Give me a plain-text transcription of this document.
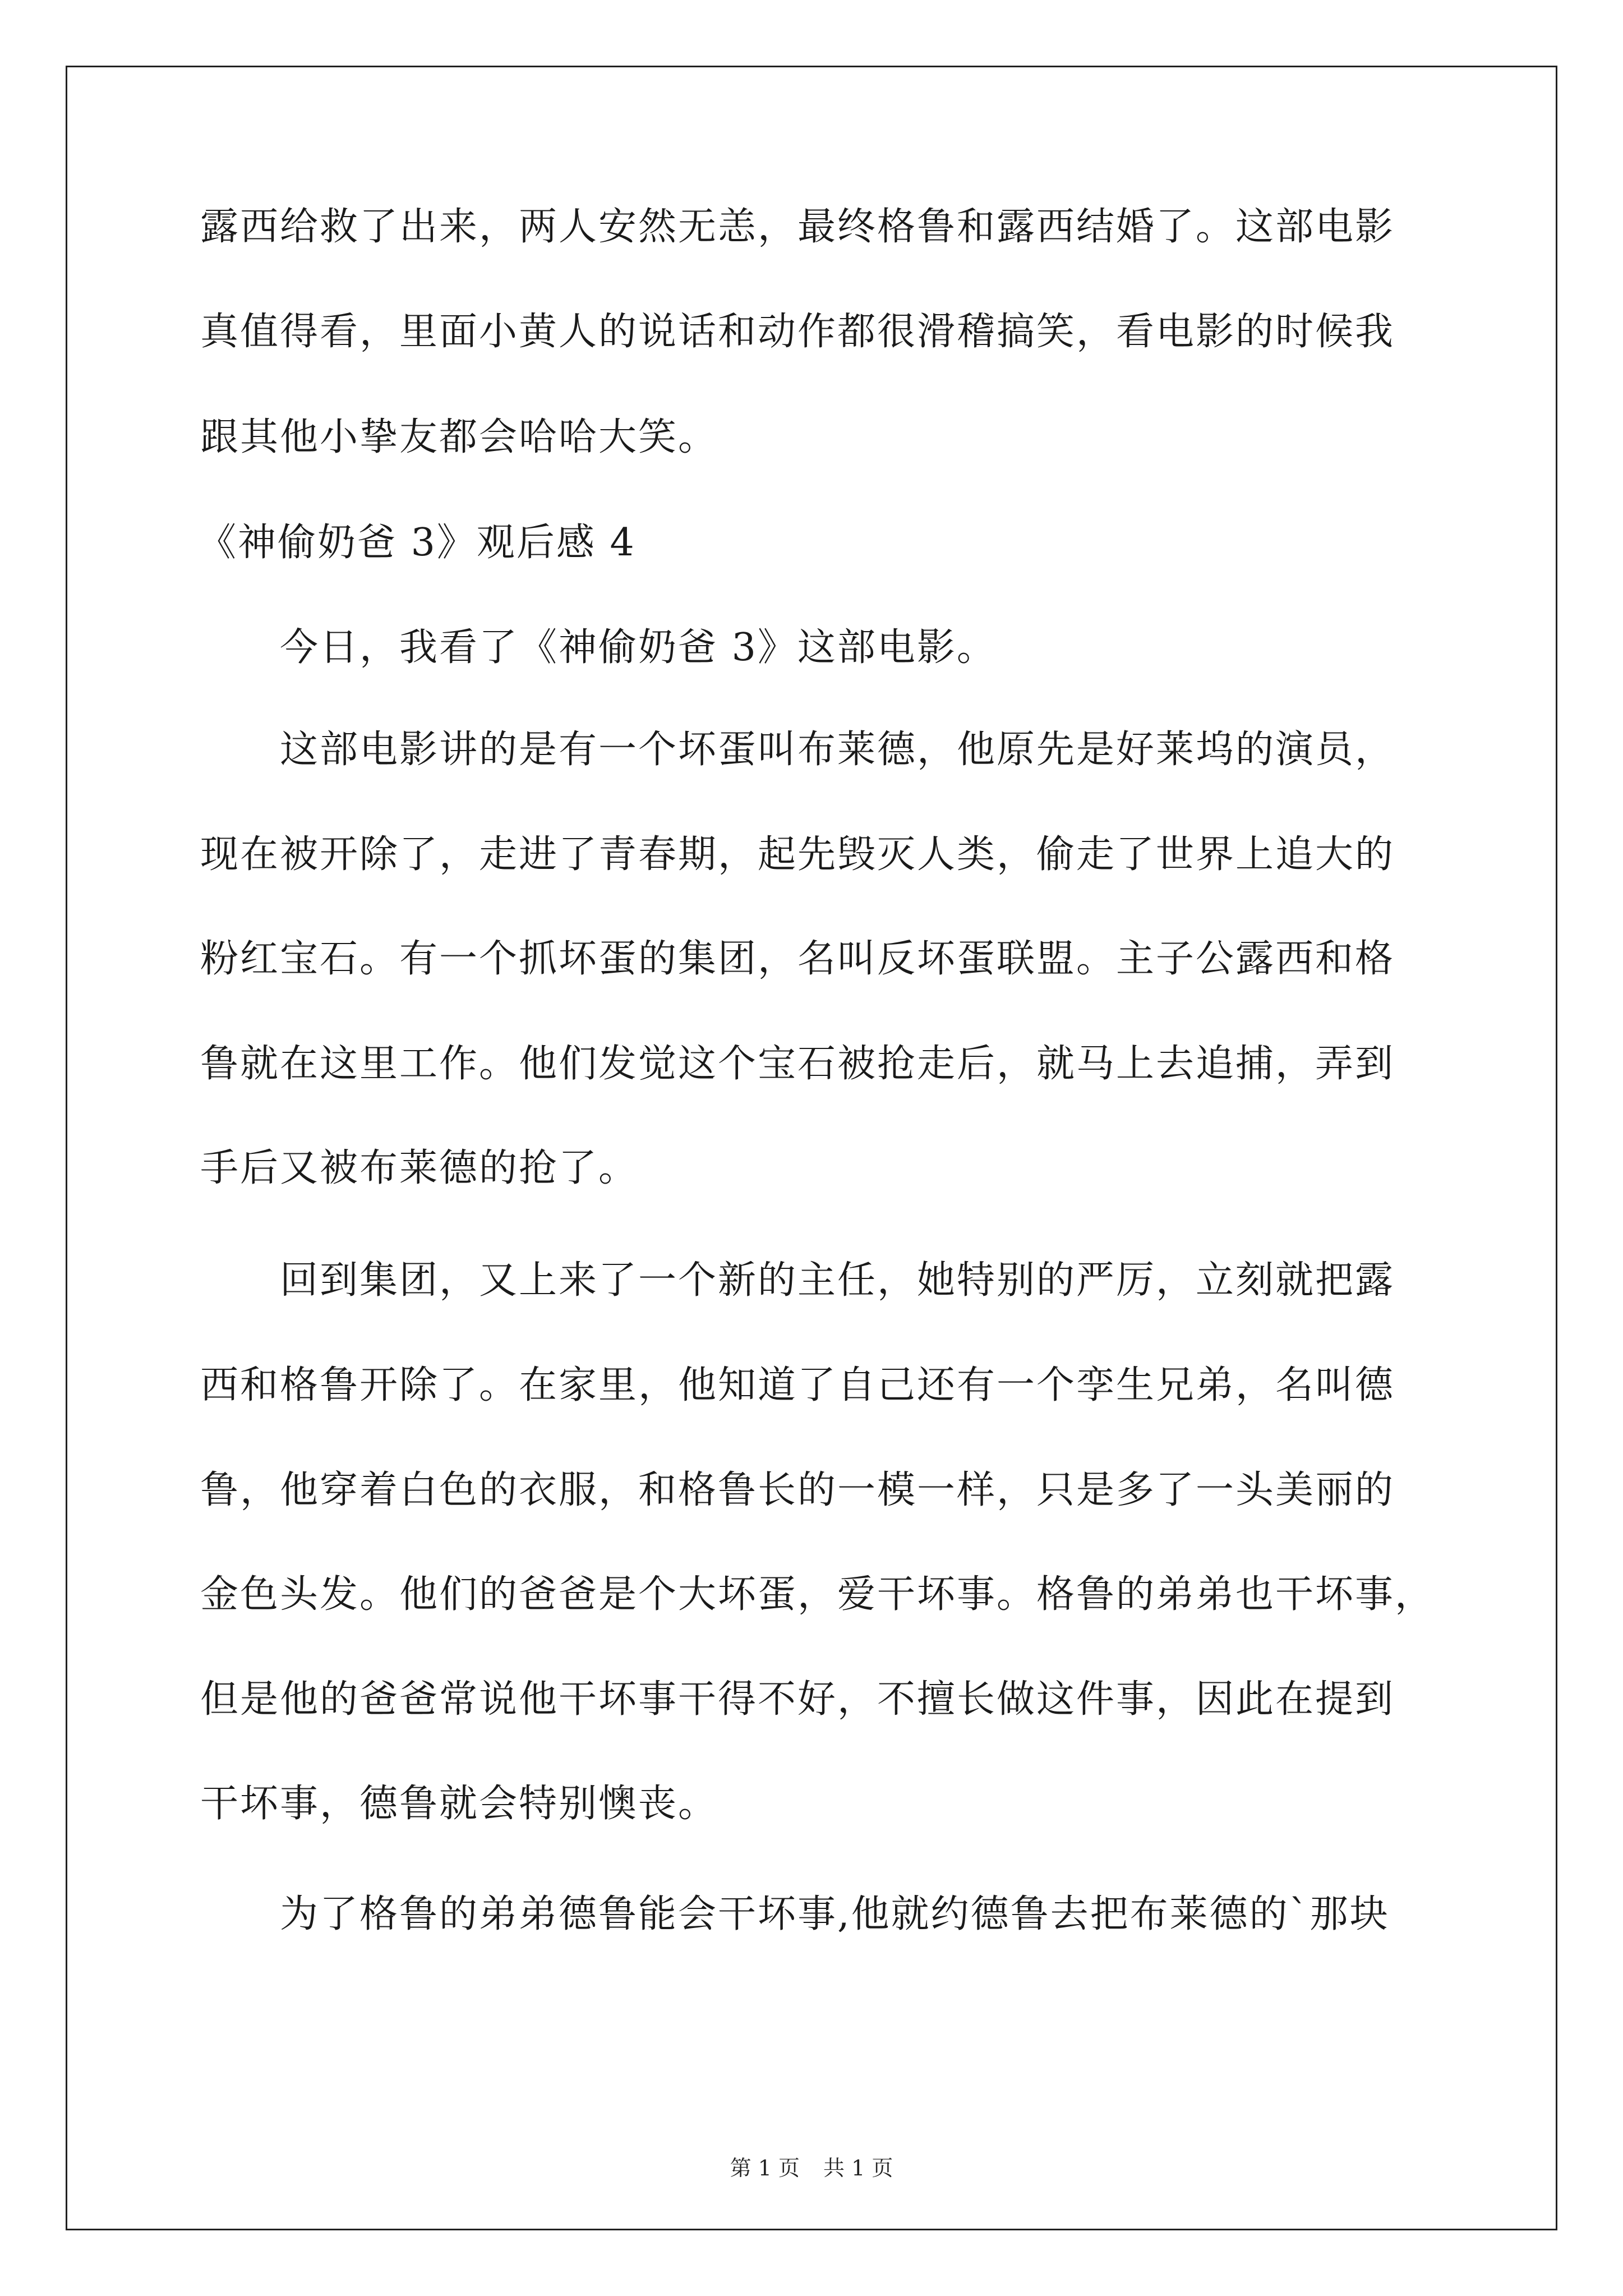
露西给救了出来，两人安然无恙，最终格鲁和露西结婚了。这部电影
真值得看，里面小黄人的说话和动作都很滑稽搞笑，看电影的时候我
跟其他小挚友都会哈哈大笑。
《神偷奶爸 3》观后感 4
今日，我看了《神偷奶爸 3》这部电影。
这部电影讲的是有一个坏蛋叫布莱德，他原先是好莱坞的演员，
现在被开除了，走进了青春期，起先毁灭人类，偷走了世界上追大的
粉红宝石。有一个抓坏蛋的集团，名叫反坏蛋联盟。主子公露西和格
鲁就在这里工作。他们发觉这个宝石被抢走后，就马上去追捕，弄到
手后又被布莱德的抢了。
回到集团，又上来了一个新的主任，她特别的严厉，立刻就把露
西和格鲁开除了。在家里，他知道了自己还有一个孪生兄弟，名叫德
鲁，他穿着白色的衣服，和格鲁长的一模一样，只是多了一头美丽的
金色头发。他们的爸爸是个大坏蛋，爱干坏事。格鲁的弟弟也干坏事，
但是他的爸爸常说他干坏事干得不好，不擅长做这件事，因此在提到
干坏事，德鲁就会特别懊丧。
为了格鲁的弟弟德鲁能会干坏事,他就约德鲁去把布莱德的`那块
第 1 页 共 1 页
